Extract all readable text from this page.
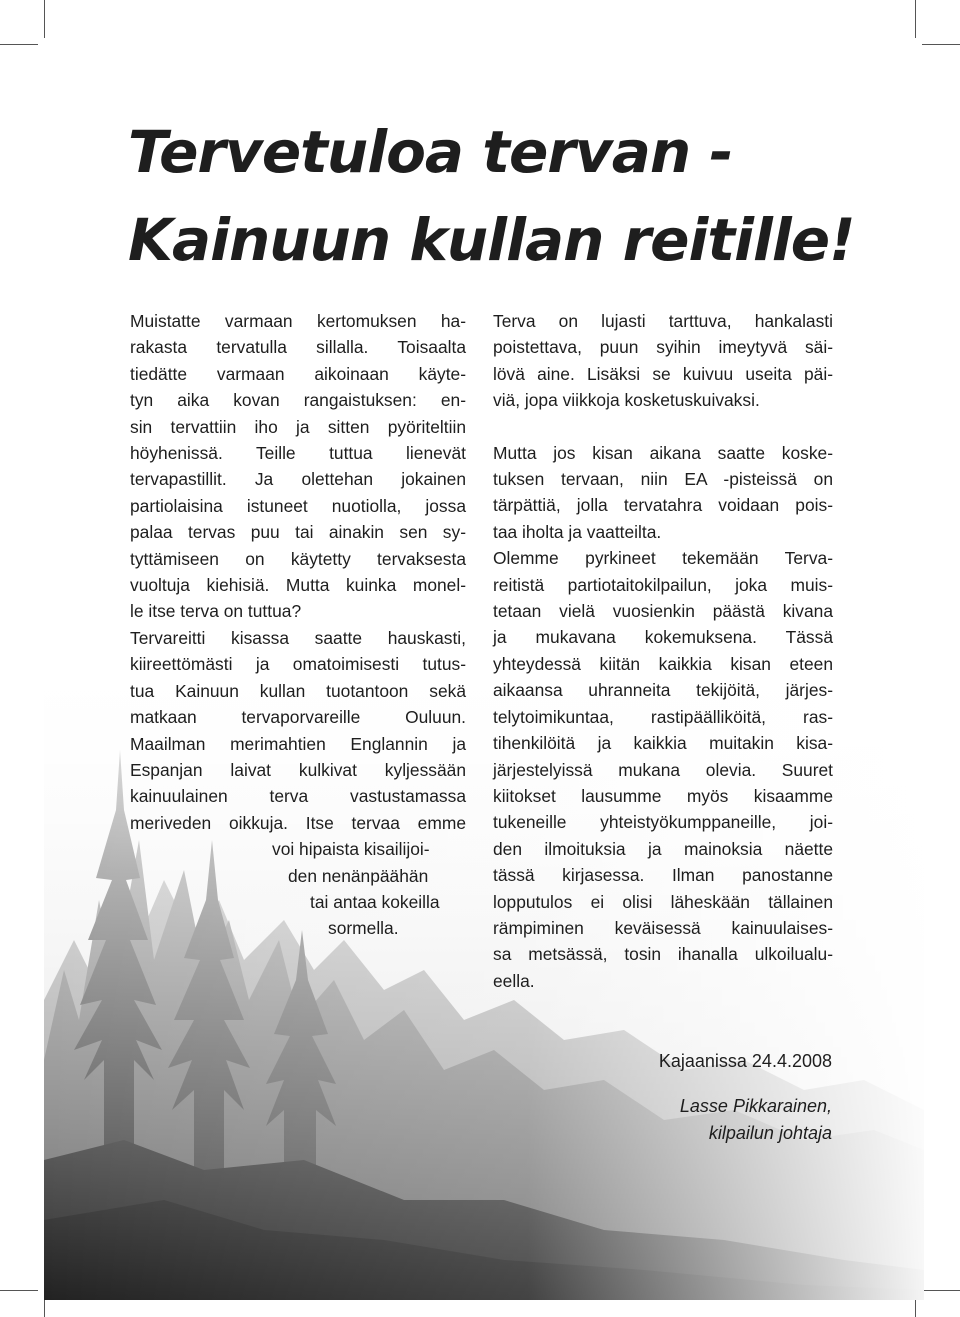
Tervetuloa tervan -
Kainuun kullan reitille!
Muistatte varmaan kertomuksen ha-
rakasta tervatulla sillalla. Toisaalta
tiedätte varmaan aikoinaan käyte-
tyn aika kovan rangaistuksen: en-
sin tervattiin iho ja sitten pyöriteltiin
höyhenissä. Teille tuttua lienevät
tervapastillit. Ja olettehan jokainen
partiolaisina istuneet nuotiolla, jossa
palaa tervas puu tai ainakin sen sy-
tyttämiseen on käytetty tervaksesta
vuoltuja kiehisiä. Mutta kuinka monel-
le itse terva on tuttua?
Tervareitti kisassa saatte hauskasti,
kiireettömästi ja omatoimisesti tutus-
tua Kainuun kullan tuotantoon sekä
matkaan tervaporvareille Ouluun.
Maailman merimahtien Englannin ja
Espanjan laivat kulkivat kyljessään
kainuulainen terva vastustamassa
meriveden oikkuja. Itse tervaa emme
voi hipaista kisailijoi-
den nenänpäähän
tai antaa kokeilla
sormella.
Terva on lujasti tarttuva, hankalasti
poistettava, puun syihin imeytyvä säi-
lövä aine. Lisäksi se kuivuu useita päi-
viä, jopa viikkoja kosketuskuivaksi.
Mutta jos kisan aikana saatte koske-
tuksen tervaan, niin EA -pisteissä on
tärpättiä, jolla tervatahra voidaan pois-
taa iholta ja vaatteilta.
Olemme pyrkineet tekemään Terva-
reitistä partiotaitokilpailun, joka muis-
tetaan vielä vuosienkin päästä kivana
ja mukavana kokemuksena. Tässä
yhteydessä kiitän kaikkia kisan eteen
aikaansa uhranneita tekijöitä, järjes-
telytoimikuntaa, rastipäälliköitä, ras-
tihenkilöitä ja kaikkia muitakin kisa-
järjestelyissä mukana olevia. Suuret
kiitokset lausumme myös kisaamme
tukeneille yhteistyökumppaneille, joi-
den ilmoituksia ja mainoksia näette
tässä kirjasessa. Ilman panostanne
lopputulos ei olisi läheskään tällainen
rämpiminen keväisessä kainuulaises-
sa metsässä, tosin ihanalla ulkoilualu-
eella.
Kajaanissa 24.4.2008
Lasse Pikkarainen,
kilpailun johtaja
